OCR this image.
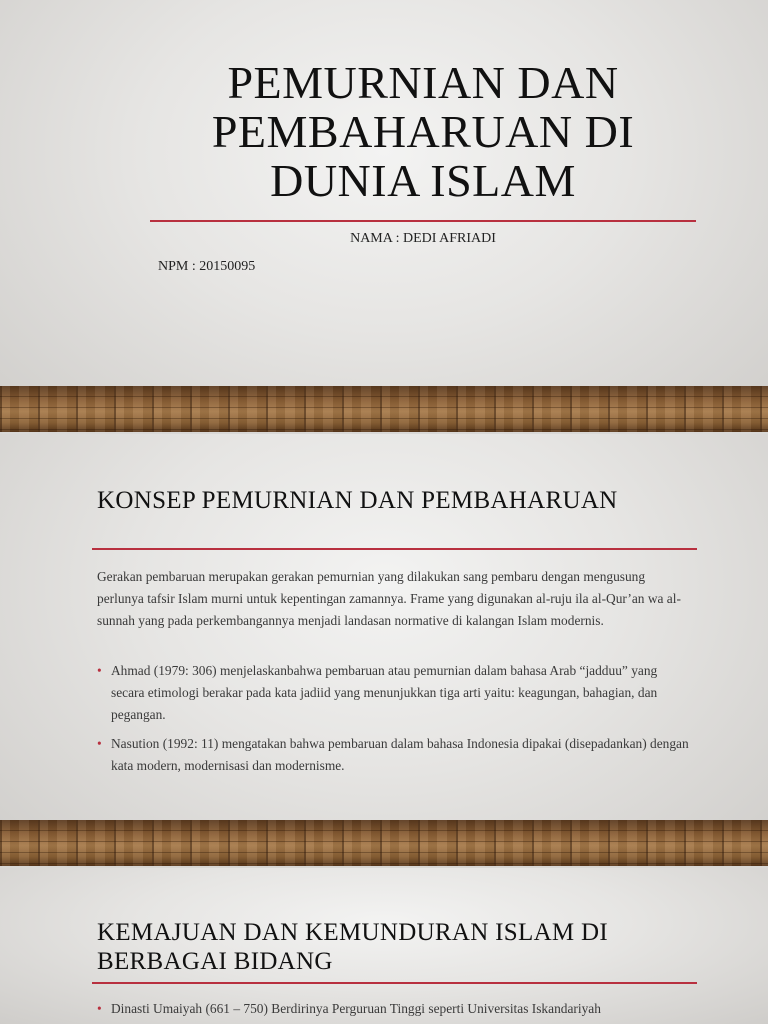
PEMURNIAN DAN PEMBAHARUAN DI DUNIA ISLAM
NAMA : DEDI AFRIADI
NPM : 20150095
KONSEP PEMURNIAN DAN PEMBAHARUAN
Gerakan pembaruan merupakan gerakan pemurnian yang dilakukan sang pembaru dengan mengusung perlunya tafsir Islam murni untuk kepentingan zamannya. Frame yang digunakan al-ruju ila al-Qur’an wa al-sunnah yang pada perkembangannya menjadi landasan normative di kalangan Islam modernis.
• Ahmad (1979: 306) menjelaskanbahwa pembaruan atau pemurnian dalam bahasa Arab “jadduu” yang secara etimologi berakar pada kata jadiid yang menunjukkan tiga arti yaitu: keagungan, bahagian, dan pegangan.
• Nasution (1992: 11) mengatakan bahwa pembaruan dalam bahasa Indonesia dipakai (disepadankan) dengan kata modern, modernisasi dan modernisme.
KEMAJUAN DAN KEMUNDURAN ISLAM DI BERBAGAI BIDANG
• Dinasti Umaiyah (661 – 750) Berdirinya Perguruan Tinggi seperti Universitas Iskandariyah
